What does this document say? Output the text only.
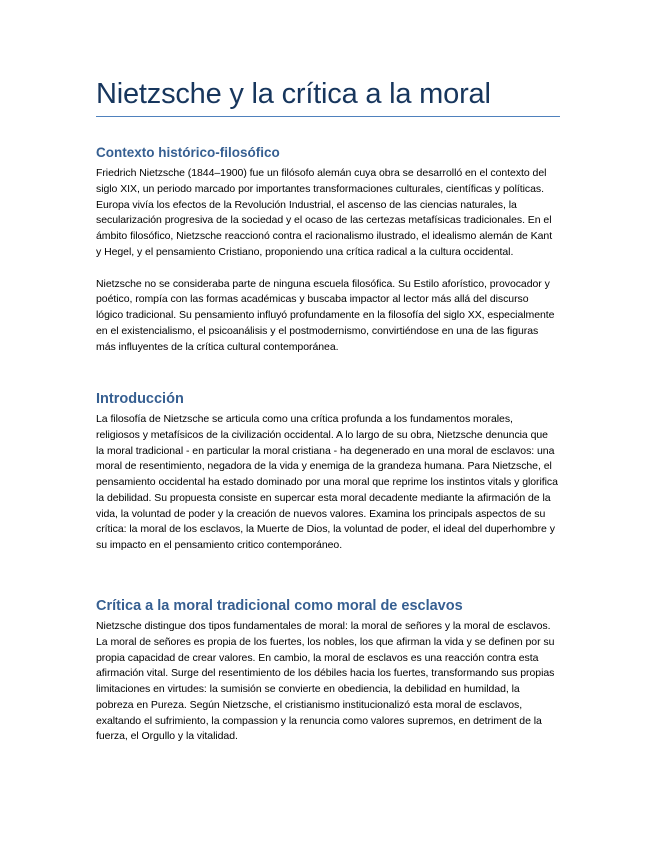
Nietzsche y la crítica a la moral
Contexto histórico-filosófico

Friedrich Nietzsche (1844–1900) fue un filósofo alemán cuya obra se desarrolló en el contexto del siglo XIX, un periodo marcado por importantes transformaciones culturales, científicas y políticas. Europa vivía los efectos de la Revolución Industrial, el ascenso de las ciencias naturales, la secularización progresiva de la sociedad y el ocaso de las certezas metafísicas tradicionales. En el ámbito filosófico, Nietzsche reaccionó contra el racionalismo ilustrado, el idealismo alemán de Kant y Hegel, y el pensamiento Cristiano, proponiendo una crítica radical a la cultura occidental.

Nietzsche no se consideraba parte de ninguna escuela filosófica. Su Estilo aforístico, provocador y poético, rompía con las formas académicas y buscaba impactor al lector más allá del discurso lógico tradicional. Su pensamiento influyó profundamente en la filosofía del siglo XX, especialmente en el existencialismo, el psicoanálisis y el postmodernismo, convirtiéndose en una de las figuras más influyentes de la crítica cultural contemporánea.

Introducción

La filosofía de Nietzsche se articula como una crítica profunda a los fundamentos morales, religiosos y metafísicos de la civilización occidental. A lo largo de su obra, Nietzsche denuncia que la moral tradicional - en particular la moral cristiana - ha degenerado en una moral de esclavos: una moral de resentimiento, negadora de la vida y enemiga de la grandeza humana. Para Nietzsche, el pensamiento occidental ha estado dominado por una moral que reprime los instintos vitals y glorifica la debilidad. Su propuesta consiste en supercar esta moral decadente mediante la afirmación de la vida, la voluntad de poder y la creación de nuevos valores. Examina los principals aspectos de su crítica: la moral de los esclavos, la Muerte de Dios, la voluntad de poder, el ideal del duperhombre y su impacto en el pensamiento critico contemporáneo.

Crítica a la moral tradicional como moral de esclavos

Nietzsche distingue dos tipos fundamentales de moral: la moral de señores y la moral de esclavos. La moral de señores es propia de los fuertes, los nobles, los que afirman la vida y se definen por su propia capacidad de crear valores. En cambio, la moral de esclavos es una reacción contra esta afirmación vital. Surge del resentimiento de los débiles hacia los fuertes, transformando sus propias limitaciones en virtudes: la sumisión se convierte en obediencia, la debilidad en humildad, la pobreza en Pureza. Según Nietzsche, el cristianismo institucionalizó esta moral de esclavos, exaltando el sufrimiento, la compassion y la renuncia como valores supremos, en detriment de la fuerza, el Orgullo y la vitalidad.
